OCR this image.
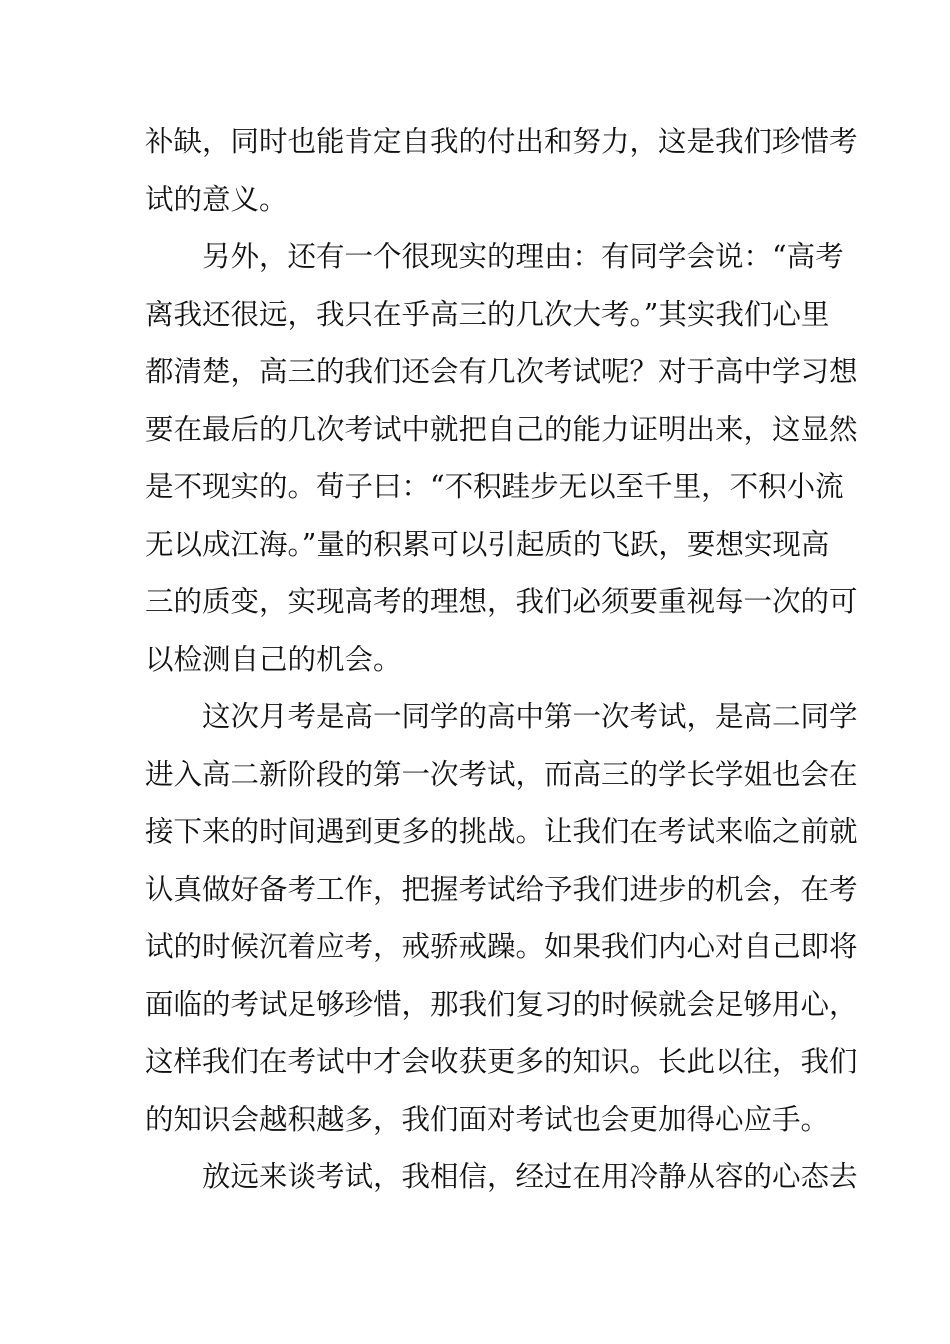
补缺，同时也能肯定自我的付出和努力，这是我们珍惜考
试的意义。
另外，还有一个很现实的理由：有同学会说：“高考
离我还很远，我只在乎高三的几次大考。”其实我们心里
都清楚，高三的我们还会有几次考试呢？对于高中学习想
要在最后的几次考试中就把自己的能力证明出来，这显然
是不现实的。荀子曰：“不积跬步无以至千里，不积小流
无以成江海。”量的积累可以引起质的飞跃，要想实现高
三的质变，实现高考的理想，我们必须要重视每一次的可
以检测自己的机会。
这次月考是高一同学的高中第一次考试，是高二同学
进入高二新阶段的第一次考试，而高三的学长学姐也会在
接下来的时间遇到更多的挑战。让我们在考试来临之前就
认真做好备考工作，把握考试给予我们进步的机会，在考
试的时候沉着应考，戒骄戒躁。如果我们内心对自己即将
面临的考试足够珍惜，那我们复习的时候就会足够用心，
这样我们在考试中才会收获更多的知识。长此以往，我们
的知识会越积越多，我们面对考试也会更加得心应手。
放远来谈考试，我相信，经过在用冷静从容的心态去
